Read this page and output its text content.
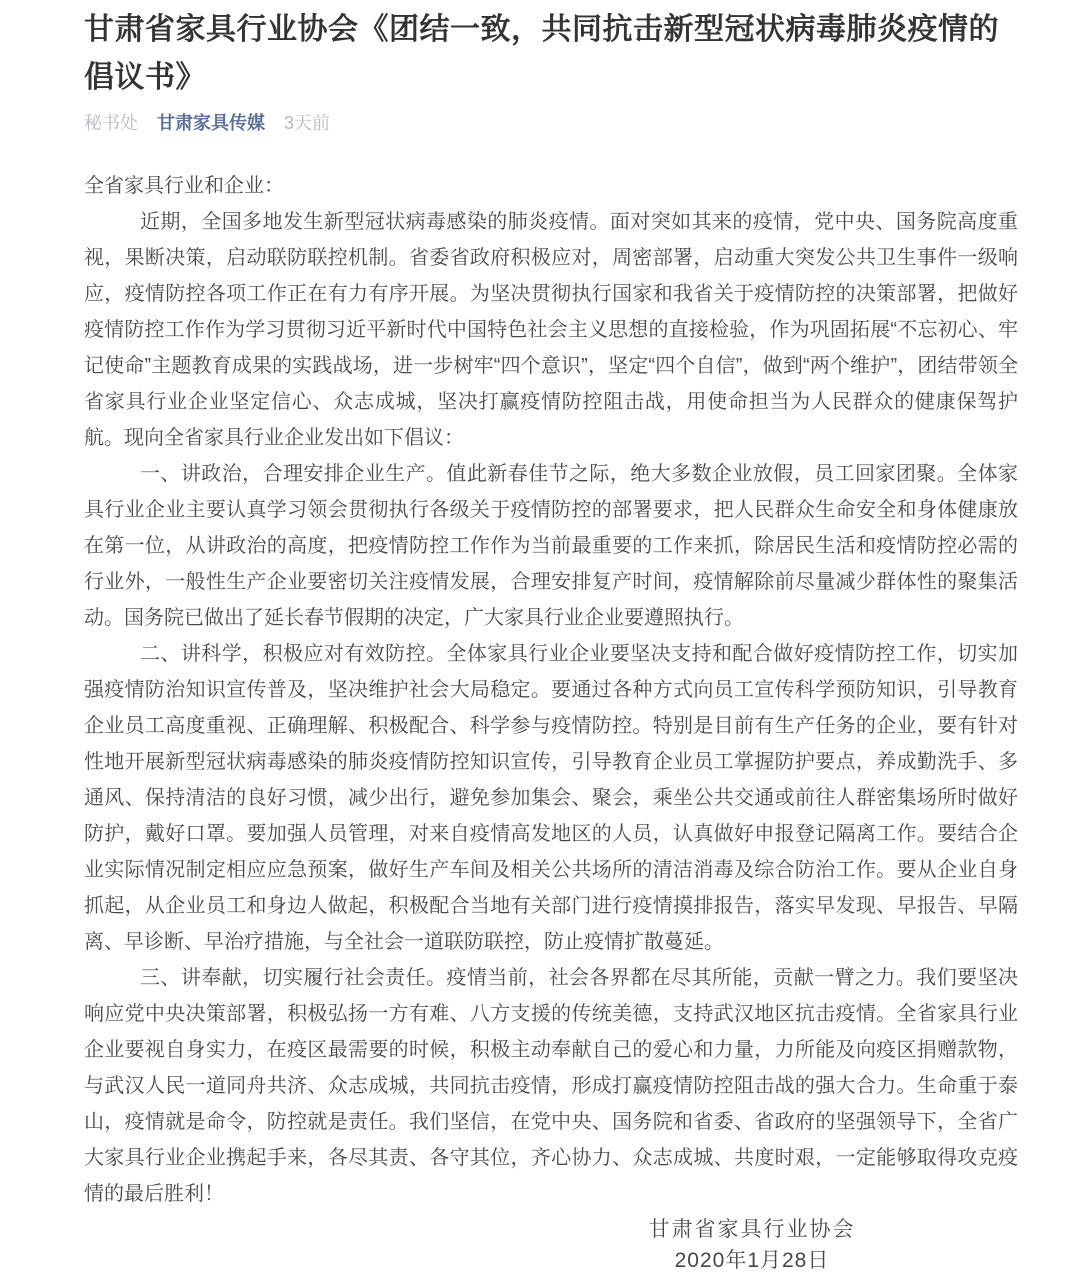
甘肃省家具行业协会《团结一致，共同抗击新型冠状病毒肺炎疫情的倡议书》
秘书处 甘肃家具传媒 3天前

全省家具行业和企业：

近期，全国多地发生新型冠状病毒感染的肺炎疫情。面对突如其来的疫情，党中央、国务院高度重视，果断决策，启动联防联控机制。省委省政府积极应对，周密部署，启动重大突发公共卫生事件一级响应，疫情防控各项工作正在有力有序开展。为坚决贯彻执行国家和我省关于疫情防控的决策部署，把做好疫情防控工作作为学习贯彻习近平新时代中国特色社会主义思想的直接检验，作为巩固拓展“不忘初心、牢记使命”主题教育成果的实践战场，进一步树牢“四个意识”，坚定“四个自信”，做到“两个维护”，团结带领全省家具行业企业坚定信心、众志成城，坚决打赢疫情防控阻击战，用使命担当为人民群众的健康保驾护航。现向全省家具行业企业发出如下倡议：

一、讲政治，合理安排企业生产。值此新春佳节之际，绝大多数企业放假，员工回家团聚。全体家具行业企业主要认真学习领会贯彻执行各级关于疫情防控的部署要求，把人民群众生命安全和身体健康放在第一位，从讲政治的高度，把疫情防控工作作为当前最重要的工作来抓，除居民生活和疫情防控必需的行业外，一般性生产企业要密切关注疫情发展，合理安排复产时间，疫情解除前尽量减少群体性的聚集活动。国务院已做出了延长春节假期的决定，广大家具行业企业要遵照执行。

二、讲科学，积极应对有效防控。全体家具行业企业要坚决支持和配合做好疫情防控工作，切实加强疫情防治知识宣传普及，坚决维护社会大局稳定。要通过各种方式向员工宣传科学预防知识，引导教育企业员工高度重视、正确理解、积极配合、科学参与疫情防控。特别是目前有生产任务的企业，要有针对性地开展新型冠状病毒感染的肺炎疫情防控知识宣传，引导教育企业员工掌握防护要点，养成勤洗手、多通风、保持清洁的良好习惯，减少出行，避免参加集会、聚会，乘坐公共交通或前往人群密集场所时做好防护，戴好口罩。要加强人员管理，对来自疫情高发地区的人员，认真做好申报登记隔离工作。要结合企业实际情况制定相应应急预案，做好生产车间及相关公共场所的清洁消毒及综合防治工作。要从企业自身抓起，从企业员工和身边人做起，积极配合当地有关部门进行疫情摸排报告，落实早发现、早报告、早隔离、早诊断、早治疗措施，与全社会一道联防联控，防止疫情扩散蔓延。

三、讲奉献，切实履行社会责任。疫情当前，社会各界都在尽其所能，贡献一臂之力。我们要坚决响应党中央决策部署，积极弘扬一方有难、八方支援的传统美德，支持武汉地区抗击疫情。全省家具行业企业要视自身实力，在疫区最需要的时候，积极主动奉献自己的爱心和力量，力所能及向疫区捐赠款物，与武汉人民一道同舟共济、众志成城，共同抗击疫情，形成打赢疫情防控阻击战的强大合力。生命重于泰山，疫情就是命令，防控就是责任。我们坚信，在党中央、国务院和省委、省政府的坚强领导下，全省广大家具行业企业携起手来，各尽其责、各守其位，齐心协力、众志成城、共度时艰，一定能够取得攻克疫情的最后胜利！

甘肃省家具行业协会
2020年1月28日
